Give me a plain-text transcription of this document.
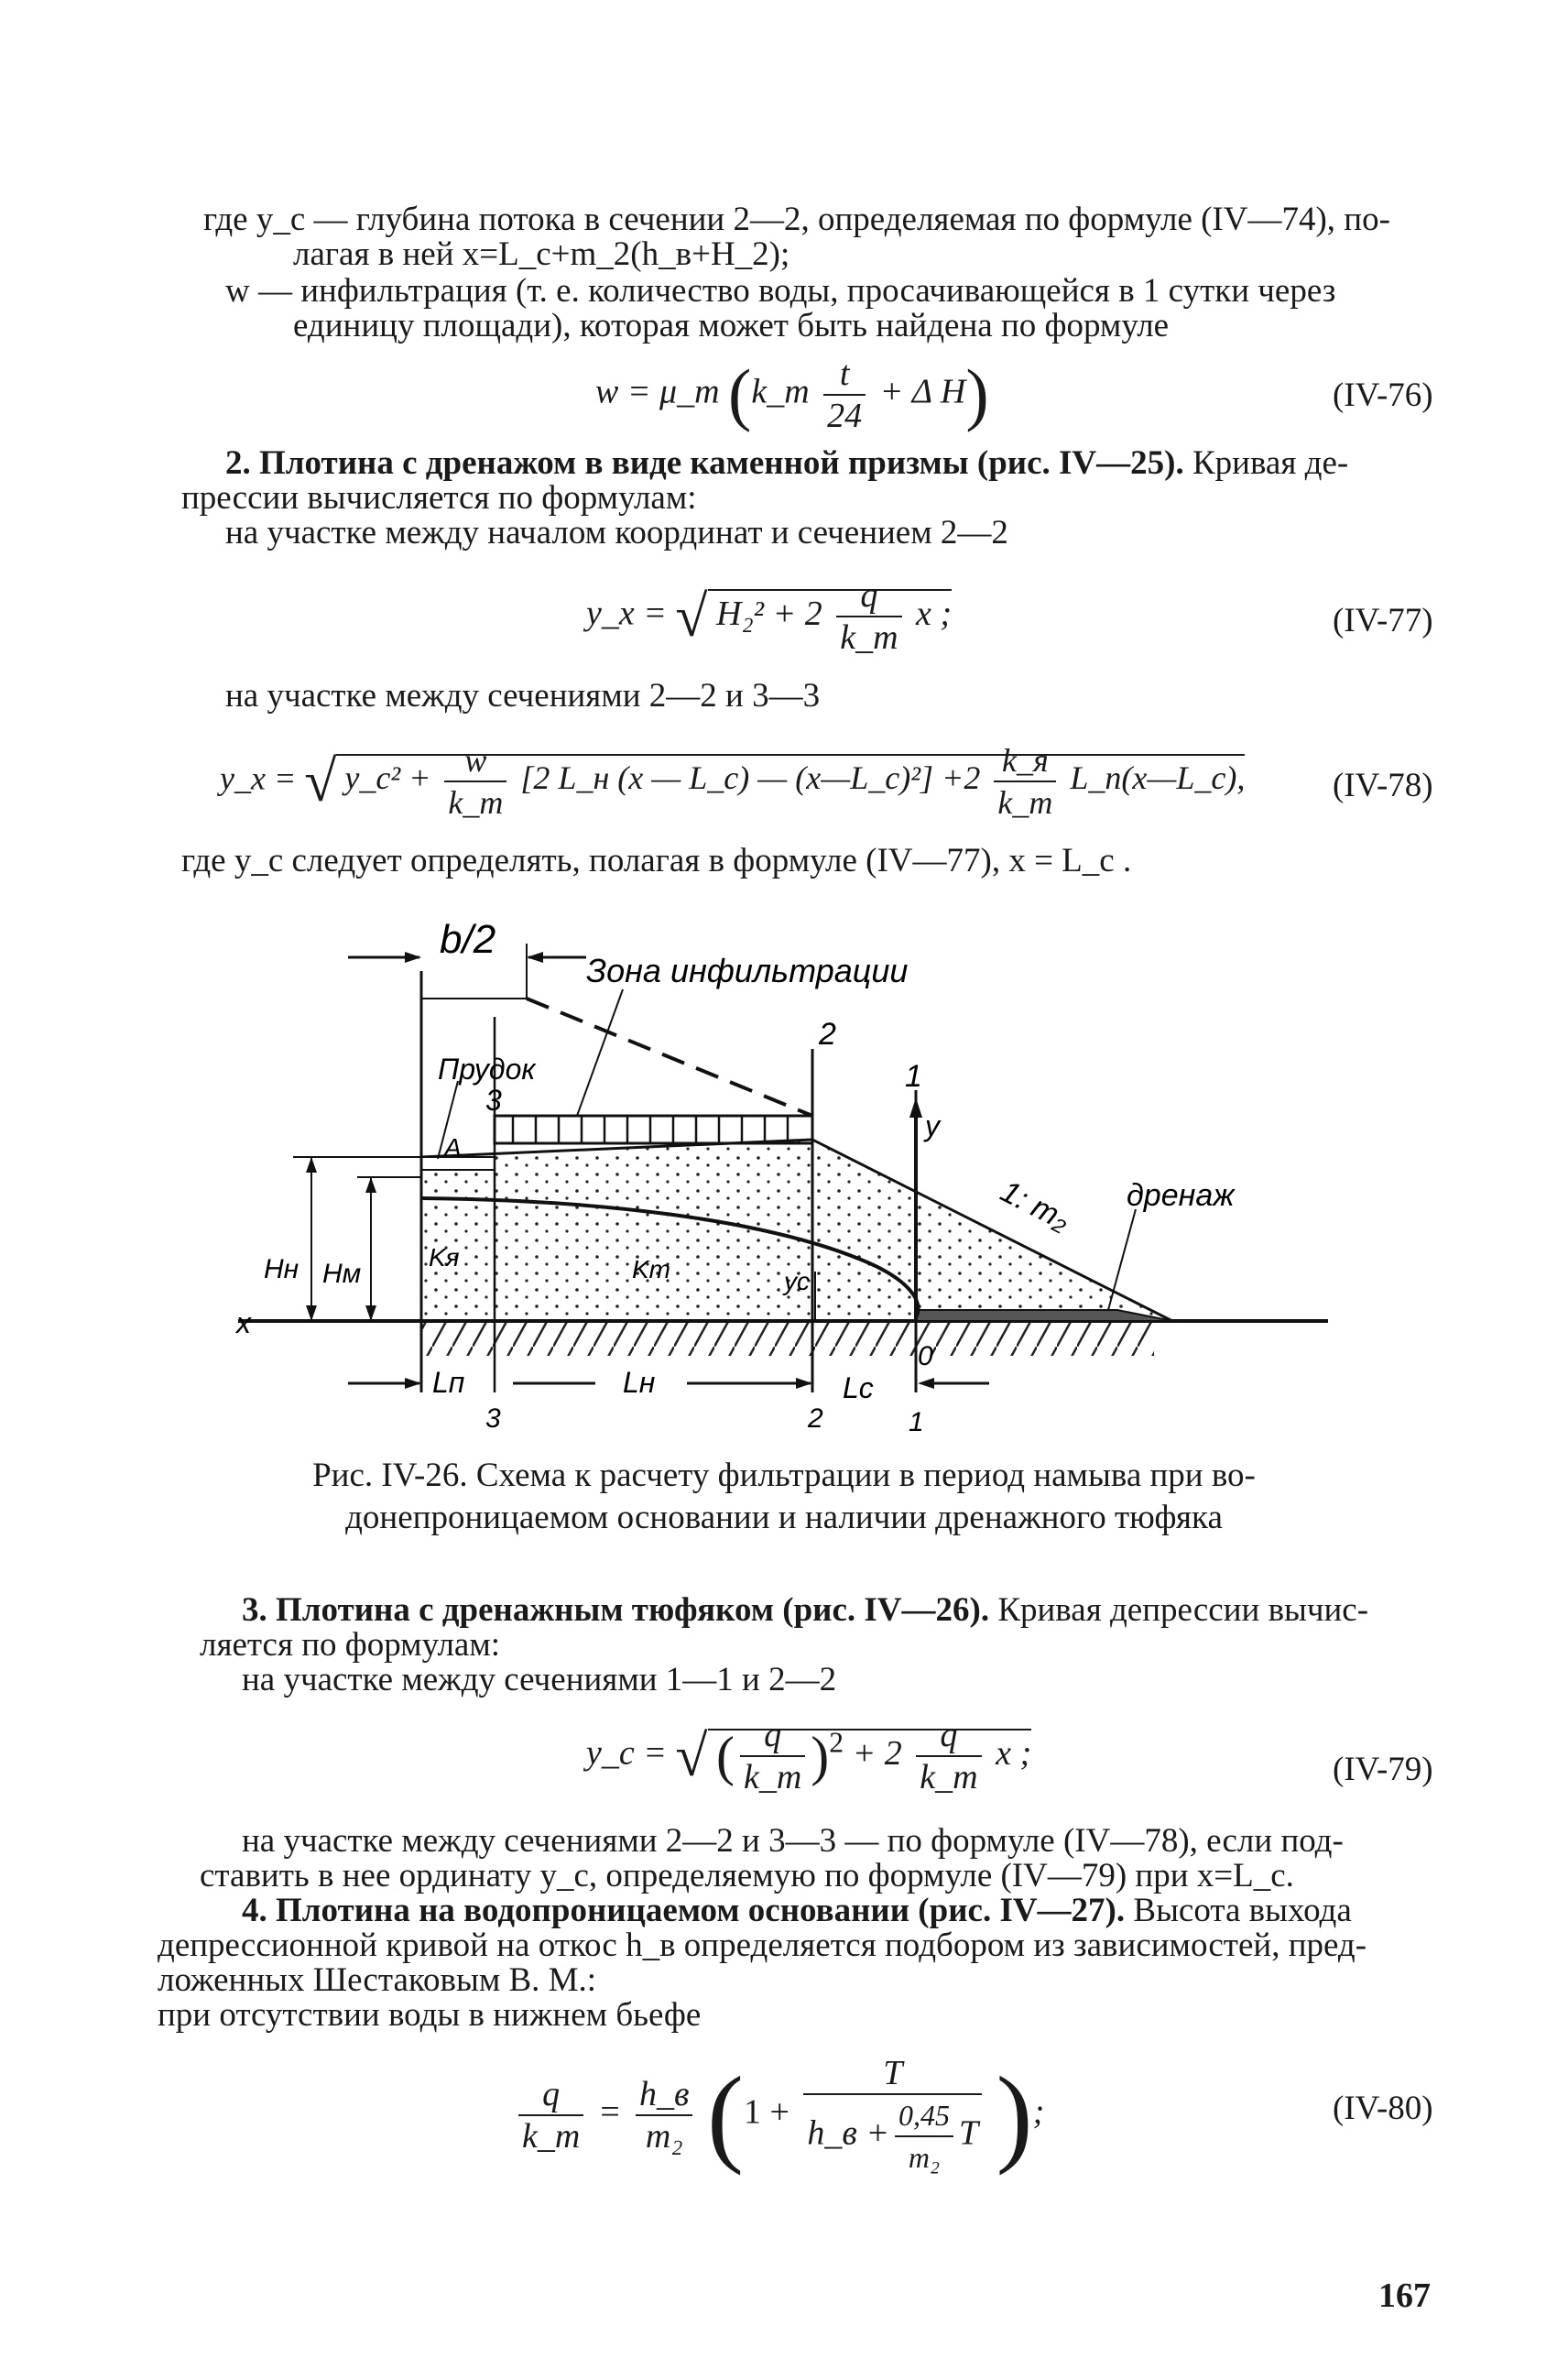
где y_c — глубина потока в сечении 2—2, определяемая по формуле (IV—74), по-
лагая в ней x=L_c+m_2(h_в+H_2);
w — инфильтрация (т. е. количество воды, просачивающейся в 1 сутки через
единицу площади), которая может быть найдена по формуле
w = μ_т (k_т $\frac{t}{24} + \Delta$ H)	(IV-76)
2. Плотина с дренажом в виде каменной призмы (рис. IV—25). Кривая де-
прессии вычисляется по формулам:
на участке между началом координат и сечением 2—2
y_x = √ $H_2^2 + 2 \frac{q}{k\_т}$ x ;	(IV-77)
на участке между сечениями 2—2 и 3—3
y_x = √ y_c² + $\frac{w}{k\_т} [2$ L_н (x — L_c) — (x—L_c)²] $+2 \frac{k\_я}{k\_т}$ L_п(x—L_c),	(IV-78)
где y_c следует определять, полагая в формуле (IV—77), x = L_c .
b/2
Зона инфильтрации
Прудок
3
2
1
y
1: m₂ дренаж
A
Hн Hм
Kя	Kт	yc
x
0
Lп	Lн	Lc
3	2	1
Рис. IV-26. Схема к расчету фильтрации в период намыва при во-
донепроницаемом основании и наличии дренажного тюфяка
3. Плотина с дренажным тюфяком (рис. IV—26). Кривая депрессии вычис-
ляется по формулам:
на участке между сечениями 1—1 и 2—2
y_c = √ ( $\frac{q}{k\_т} )^2 + 2 \frac{q}{k\_т}$ x ;	(IV-79)
на участке между сечениями 2—2 и 3—3 — по формуле (IV—78), если под-
ставить в нее ординату y_c, определяемую по формуле (IV—79) при x=L_c.
4. Плотина на водопроницаемом основании (рис. IV—27). Высота выхода
депрессионной кривой на откос h_в определяется подбором из зависимостей, пред-
ложенных Шестаковым В. М.:
при отсутствии воды в нижнем бьефе
$\frac{q}{k\_т} = \frac{h\_в}{\text{m₂}} (1 + \frac{T}{h\_в + \frac{0,45}{\text{m₂}} T}$ );	(IV-80)
167
